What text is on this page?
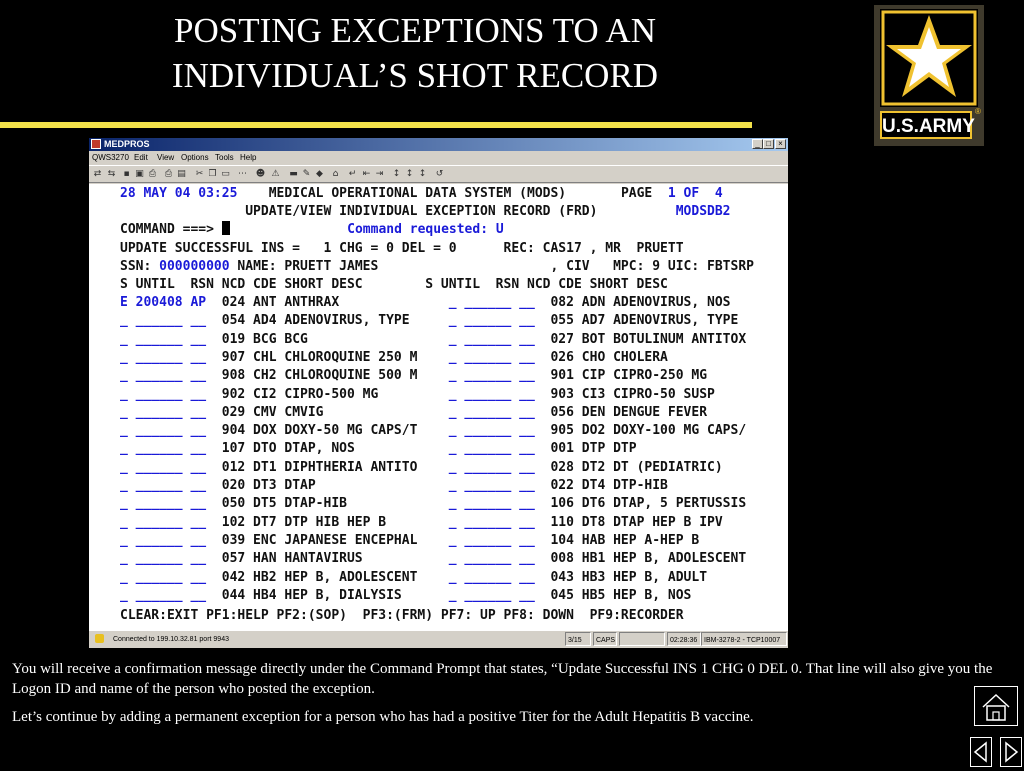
POSTING EXCEPTIONS TO AN
INDIVIDUAL’S SHOT RECORD
U.S.ARMY
®
MEDPROS	_ □ ×
QWS3270 Edit View Options Tools Help
⇄ ⇆ ▪ ▣ ⎙ ⎙ ▤ ✂ ❐ ▭ ⋯ ☻ ⚠ ▬ ✎ ◆ ⌂ ↵ ⇤ ⇥ ↕ ↕ ↕ ↺
28 MAY 04 03:25 MEDICAL OPERATIONAL DATA SYSTEM (MODS)	PAGE 1 OF  4
UPDATE/VIEW INDIVIDUAL EXCEPTION RECORD (FRD)	MODSDB2
COMMAND ===>	Command requested: U
UPDATE SUCCESSFUL INS =   1 CHG = 0 DEL = 0      REC: CAS17 , MR  PRUETT
SSN: 000000000 NAME: PRUETT JAMES                      , CIV   MPC: 9 UIC: FBTSRP
S UNTIL  RSN NCD CDE SHORT DESC        S UNTIL  RSN NCD CDE SHORT DESC
E 200408 AP  024 ANT ANTHRAX              _ ______ __  082 ADN ADENOVIRUS, NOS
_ ______ __  054 AD4 ADENOVIRUS, TYPE     _ ______ __  055 AD7 ADENOVIRUS, TYPE
_ ______ __  019 BCG BCG                  _ ______ __  027 BOT BOTULINUM ANTITOX
_ ______ __  907 CHL CHLOROQUINE 250 M    _ ______ __  026 CHO CHOLERA
_ ______ __  908 CH2 CHLOROQUINE 500 M    _ ______ __  901 CIP CIPRO-250 MG
_ ______ __  902 CI2 CIPRO-500 MG         _ ______ __  903 CI3 CIPRO-50 SUSP
_ ______ __  029 CMV CMVIG                _ ______ __  056 DEN DENGUE FEVER
_ ______ __  904 DOX DOXY-50 MG CAPS/T    _ ______ __  905 DO2 DOXY-100 MG CAPS/
_ ______ __  107 DTO DTAP, NOS            _ ______ __  001 DTP DTP
_ ______ __  012 DT1 DIPHTHERIA ANTITO    _ ______ __  028 DT2 DT (PEDIATRIC)
_ ______ __  020 DT3 DTAP                 _ ______ __  022 DT4 DTP-HIB
_ ______ __  050 DT5 DTAP-HIB             _ ______ __  106 DT6 DTAP, 5 PERTUSSIS
_ ______ __  102 DT7 DTP HIB HEP B        _ ______ __  110 DT8 DTAP HEP B IPV
_ ______ __  039 ENC JAPANESE ENCEPHAL    _ ______ __  104 HAB HEP A-HEP B
_ ______ __  057 HAN HANTAVIRUS           _ ______ __  008 HB1 HEP B, ADOLESCENT
_ ______ __  042 HB2 HEP B, ADOLESCENT    _ ______ __  043 HB3 HEP B, ADULT
_ ______ __  044 HB4 HEP B, DIALYSIS      _ ______ __  045 HB5 HEP B, NOS
CLEAR:EXIT PF1:HELP PF2:(SOP)  PF3:(FRM) PF7: UP PF8: DOWN  PF9:RECORDER
Connected to 199.10.32.81 port 9943	3/15	CAPS	02:28:36 IBM-3278-2 - TCP10007
You will receive a confirmation message directly under the Command Prompt that states, “Update Successful INS 1 CHG 0 DEL 0. That line will also give you the Logon ID and name of the person who posted the exception.
Let’s continue by adding a permanent exception for a person who has had a positive Titer for the Adult Hepatitis B vaccine.
